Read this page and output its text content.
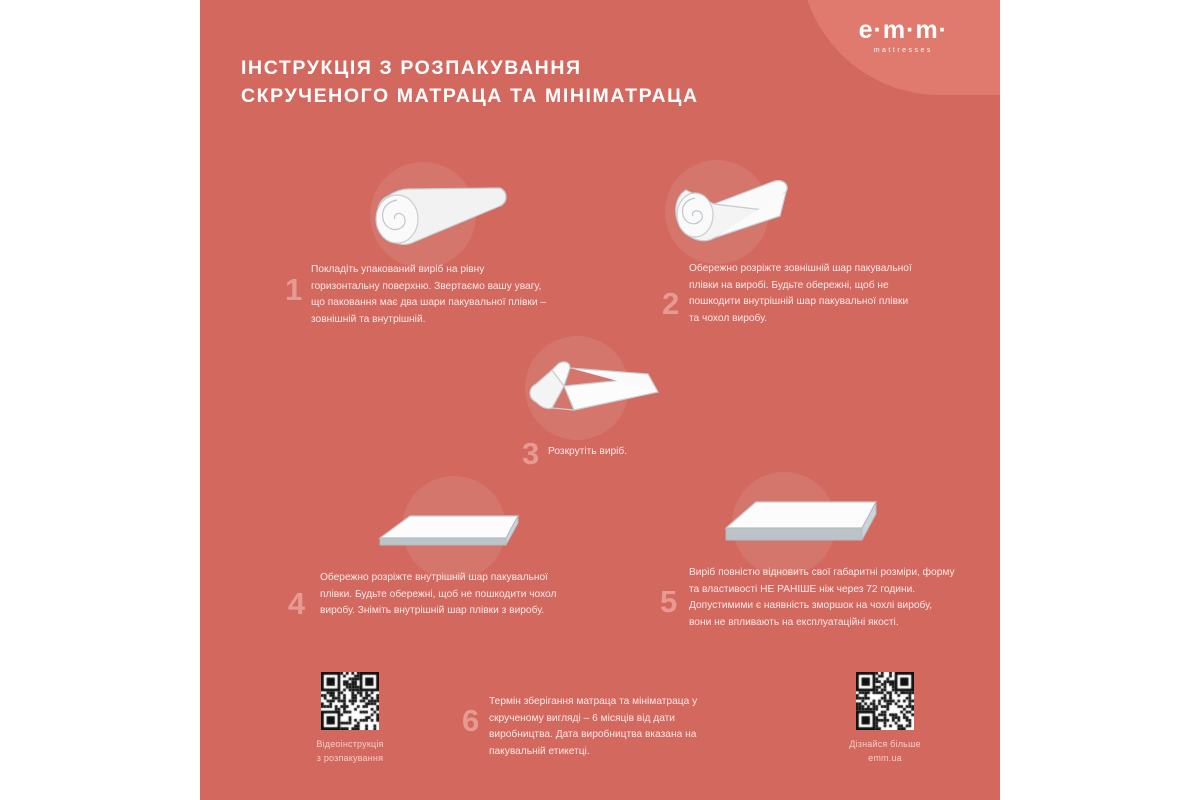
e·m·m·
mattresses
ІНСТРУКЦІЯ З РОЗПАКУВАННЯ
СКРУЧЕНОГО МАТРАЦА ТА МІНІМАТРАЦА
1
Покладіть упакований виріб на рівну горизонтальну поверхню. Звертаємо вашу увагу, що паковання має два шари пакувальної плівки – зовнішній та внутрішній.	2
Обережно розріжте зовнішній шар пакувальної плівки на виробі. Будьте обережні, щоб не пошкодити внутрішній шар пакувальної плівки та чохол виробу.
3 Розкрутіть виріб.
4
Обережно розріжте внутрішній шар пакувальної плівки. Будьте обережні, щоб не пошкодити чохол виробу. Зніміть внутрішній шар плівки з виробу.	5
Виріб повністю відновить свої габаритні розміри, форму та властивості НЕ РАНІШЕ ніж через 72 години. Допустимими є наявність зморшок на чохлі виробу, вони не впливають на експлуатаційні якості.
6
Термін зберігання матраца та мініматраца у скрученому вигляді – 6 місяців від дати виробництва. Дата виробництва вказана на пакувальній етикетці.
Відеоінструкція
з розпакування
Дізнайся більше
emm.ua
